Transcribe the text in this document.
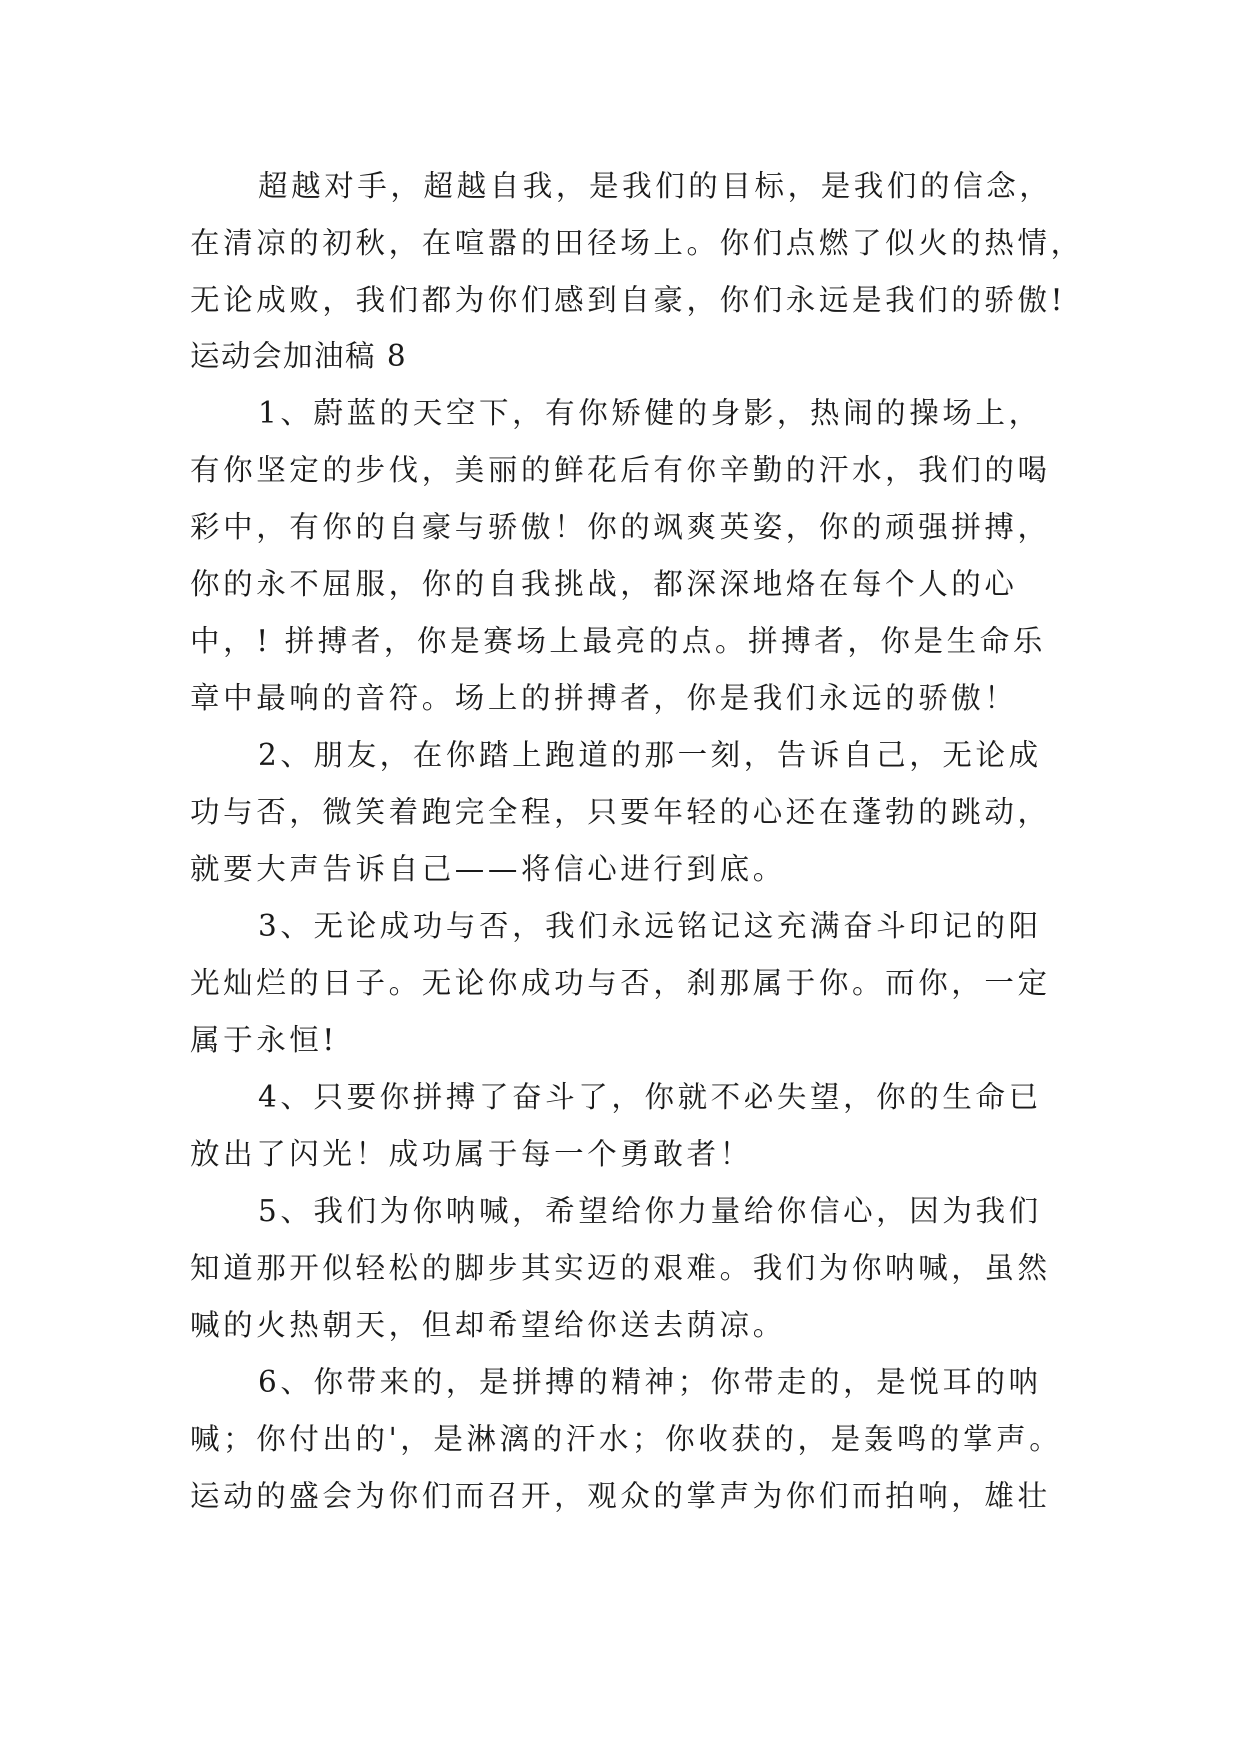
超越对手，超越自我，是我们的目标，是我们的信念，
在清凉的初秋，在喧嚣的田径场上。你们点燃了似火的热情，
无论成败，我们都为你们感到自豪，你们永远是我们的骄傲!
运动会加油稿 8
1、蔚蓝的天空下，有你矫健的身影，热闹的操场上，
有你坚定的步伐，美丽的鲜花后有你辛勤的汗水，我们的喝
彩中，有你的自豪与骄傲！你的飒爽英姿，你的顽强拼搏，
你的永不屈服，你的自我挑战，都深深地烙在每个人的心
中，! 拼搏者，你是赛场上最亮的点。拼搏者，你是生命乐
章中最响的音符。场上的拼搏者，你是我们永远的骄傲！
2、朋友，在你踏上跑道的那一刻，告诉自己，无论成
功与否，微笑着跑完全程，只要年轻的心还在蓬勃的跳动，
就要大声告诉自己——将信心进行到底。
3、无论成功与否，我们永远铭记这充满奋斗印记的阳
光灿烂的日子。无论你成功与否，刹那属于你。而你，一定
属于永恒!
4、只要你拼搏了奋斗了，你就不必失望，你的生命已
放出了闪光！成功属于每一个勇敢者！
5、我们为你呐喊，希望给你力量给你信心，因为我们
知道那开似轻松的脚步其实迈的艰难。我们为你呐喊，虽然
喊的火热朝天，但却希望给你送去荫凉。
6、你带来的，是拼搏的精神；你带走的，是悦耳的呐
喊；你付出的'，是淋漓的汗水；你收获的，是轰鸣的掌声。
运动的盛会为你们而召开，观众的掌声为你们而拍响，雄壮
